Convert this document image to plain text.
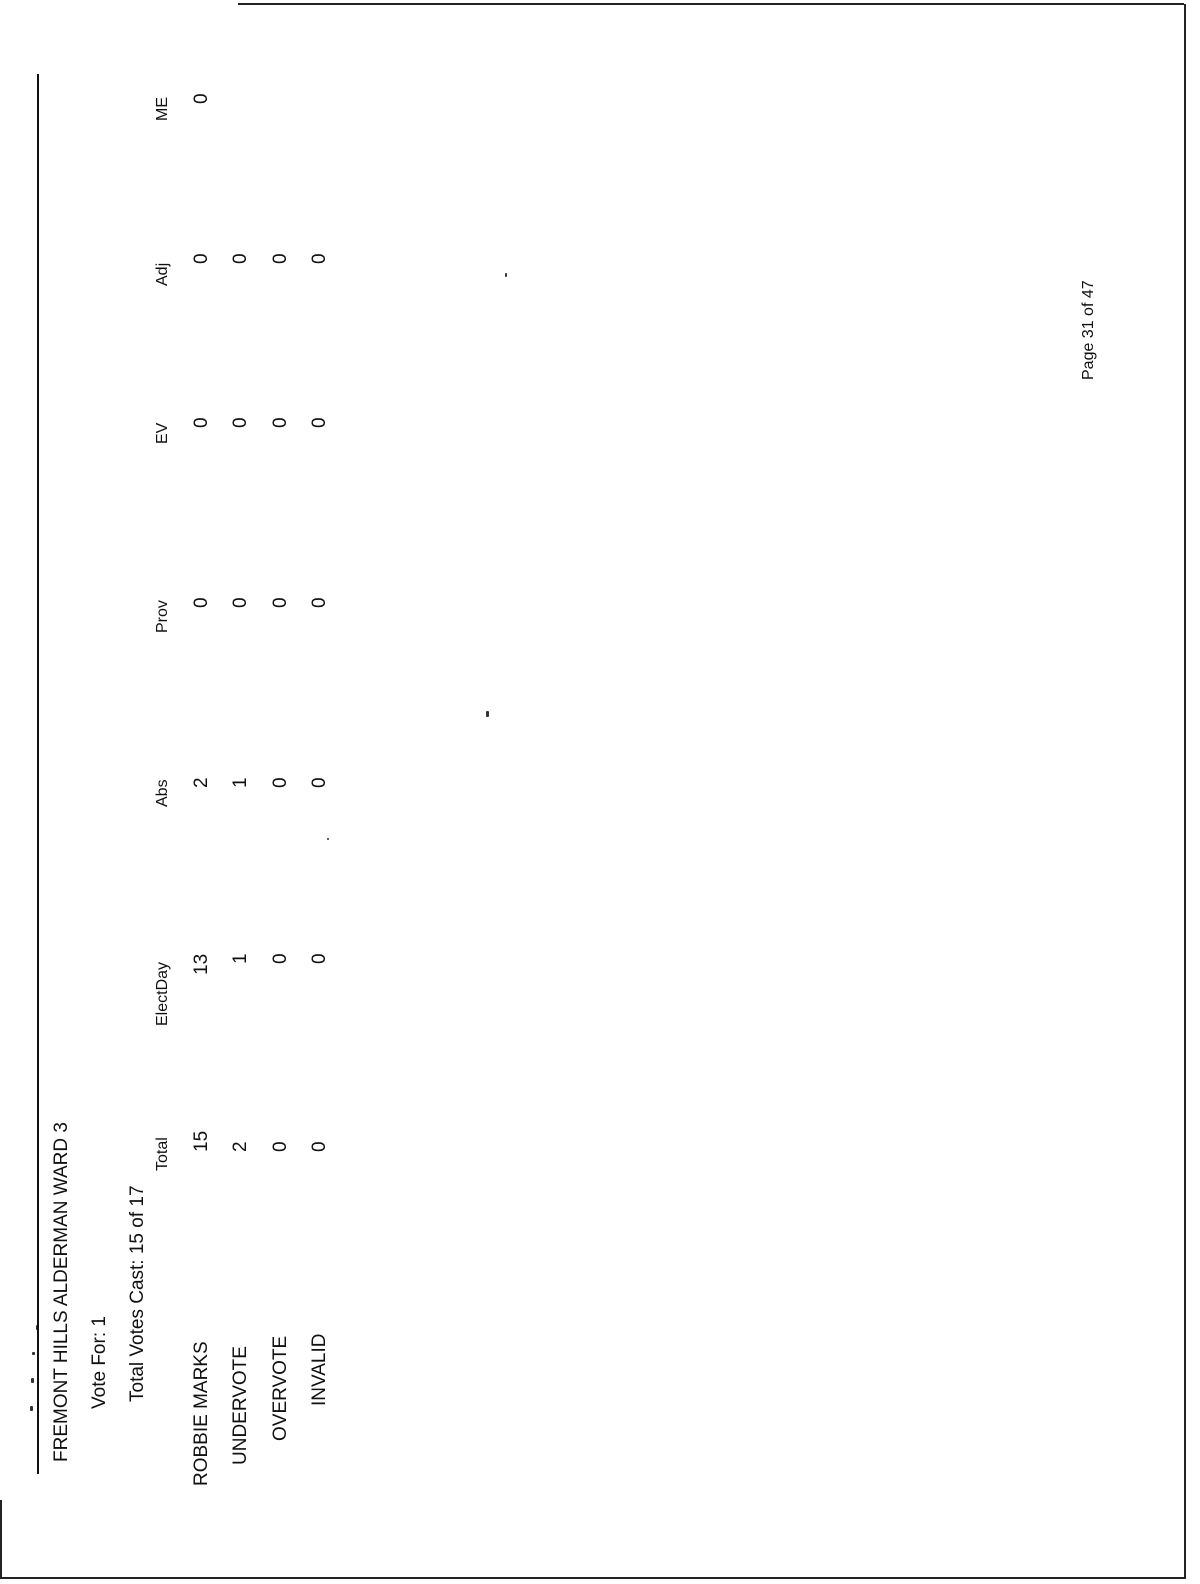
FREMONT HILLS ALDERMAN WARD 3 Vote For: 1 Total Votes Cast: 15 of 17
Total
ElectDay
Abs
Prov
EV
Adj
ME
ROBBIE MARKS
15
13
2
0
0
0
0
UNDERVOTE
2
1
1
0
0
0
OVERVOTE
0
0
0
0
0
0
INVALID
0
0
0
0
0
0
Page 31 of 47
